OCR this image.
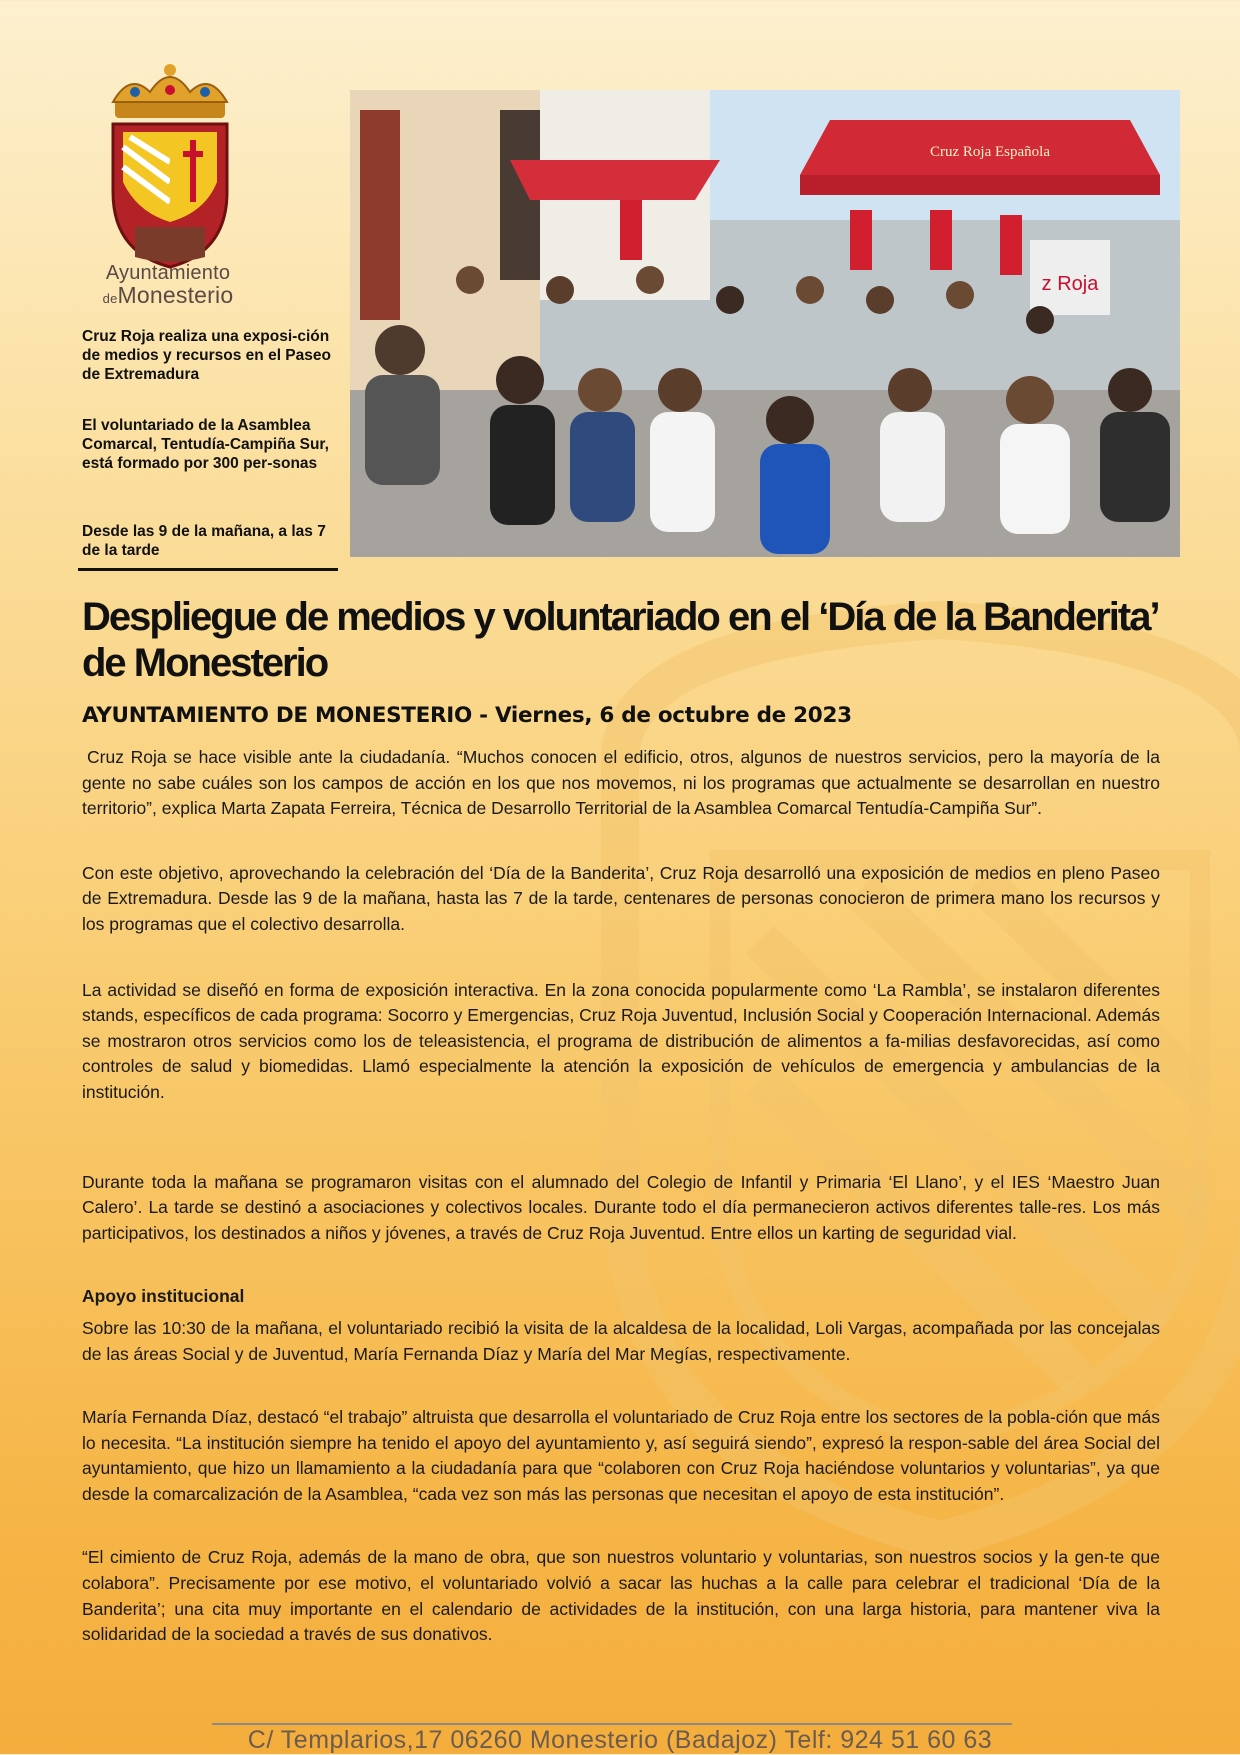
Ayuntamiento
deMonesterio
Cruz Roja realiza una exposi-ción de medios y recursos en el Paseo de Extremadura
El voluntariado de la Asamblea Comarcal, Tentudía-Campiña Sur, está formado por 300 per-sonas
Desde las 9 de la mañana, a las 7 de la tarde
Cruz Roja Española
z Roja
Despliegue de medios y voluntariado en el ‘Día de la Banderita’ de Monesterio
AYUNTAMIENTO DE MONESTERIO - Viernes, 6 de octubre de 2023

Cruz Roja se hace visible ante la ciudadanía. “Muchos conocen el edificio, otros, algunos de nuestros servicios, pero la mayoría de la gente no sabe cuáles son los campos de acción en los que nos movemos, ni los programas que actualmente se desarrollan en nuestro territorio”, explica Marta Zapata Ferreira, Técnica de Desarrollo Territorial de la Asamblea Comarcal Tentudía-Campiña Sur”.

Con este objetivo, aprovechando la celebración del ‘Día de la Banderita’, Cruz Roja desarrolló una exposición de medios en pleno Paseo de Extremadura. Desde las 9 de la mañana, hasta las 7 de la tarde, centenares de personas conocieron de primera mano los recursos y los programas que el colectivo desarrolla.

La actividad se diseñó en forma de exposición interactiva. En la zona conocida popularmente como ‘La Rambla’, se instalaron diferentes stands, específicos de cada programa: Socorro y Emergencias, Cruz Roja Juventud, Inclusión Social y Cooperación Internacional. Además se mostraron otros servicios como los de teleasistencia, el programa de distribución de alimentos a fa-milias desfavorecidas, así como controles de salud y biomedidas. Llamó especialmente la atención la exposición de vehículos de emergencia y ambulancias de la institución.

Durante toda la mañana se programaron visitas con el alumnado del Colegio de Infantil y Primaria ‘El Llano’, y el IES ‘Maestro Juan Calero’. La tarde se destinó a asociaciones y colectivos locales. Durante todo el día permanecieron activos diferentes talle-res. Los más participativos, los destinados a niños y jóvenes, a través de Cruz Roja Juventud. Entre ellos un karting de seguridad vial.

Apoyo institucional

Sobre las 10:30 de la mañana, el voluntariado recibió la visita de la alcaldesa de la localidad, Loli Vargas, acompañada por las concejalas de las áreas Social y de Juventud, María Fernanda Díaz y María del Mar Megías, respectivamente.

María Fernanda Díaz, destacó “el trabajo” altruista que desarrolla el voluntariado de Cruz Roja entre los sectores de la pobla-ción que más lo necesita. “La institución siempre ha tenido el apoyo del ayuntamiento y, así seguirá siendo”, expresó la respon-sable del área Social del ayuntamiento, que hizo un llamamiento a la ciudadanía para que “colaboren con Cruz Roja haciéndose voluntarios y voluntarias”, ya que desde la comarcalización de la Asamblea, “cada vez son más las personas que necesitan el apoyo de esta institución”.

“El cimiento de Cruz Roja, además de la mano de obra, que son nuestros voluntario y voluntarias, son nuestros socios y la gen-te que colabora”. Precisamente por ese motivo, el voluntariado volvió a sacar las huchas a la calle para celebrar el tradicional ‘Día de la Banderita’; una cita muy importante en el calendario de actividades de la institución, con una larga historia, para mantener viva la solidaridad de la sociedad a través de sus donativos.

C/ Templarios,17 06260 Monesterio (Badajoz) Telf: 924 51 60 63
